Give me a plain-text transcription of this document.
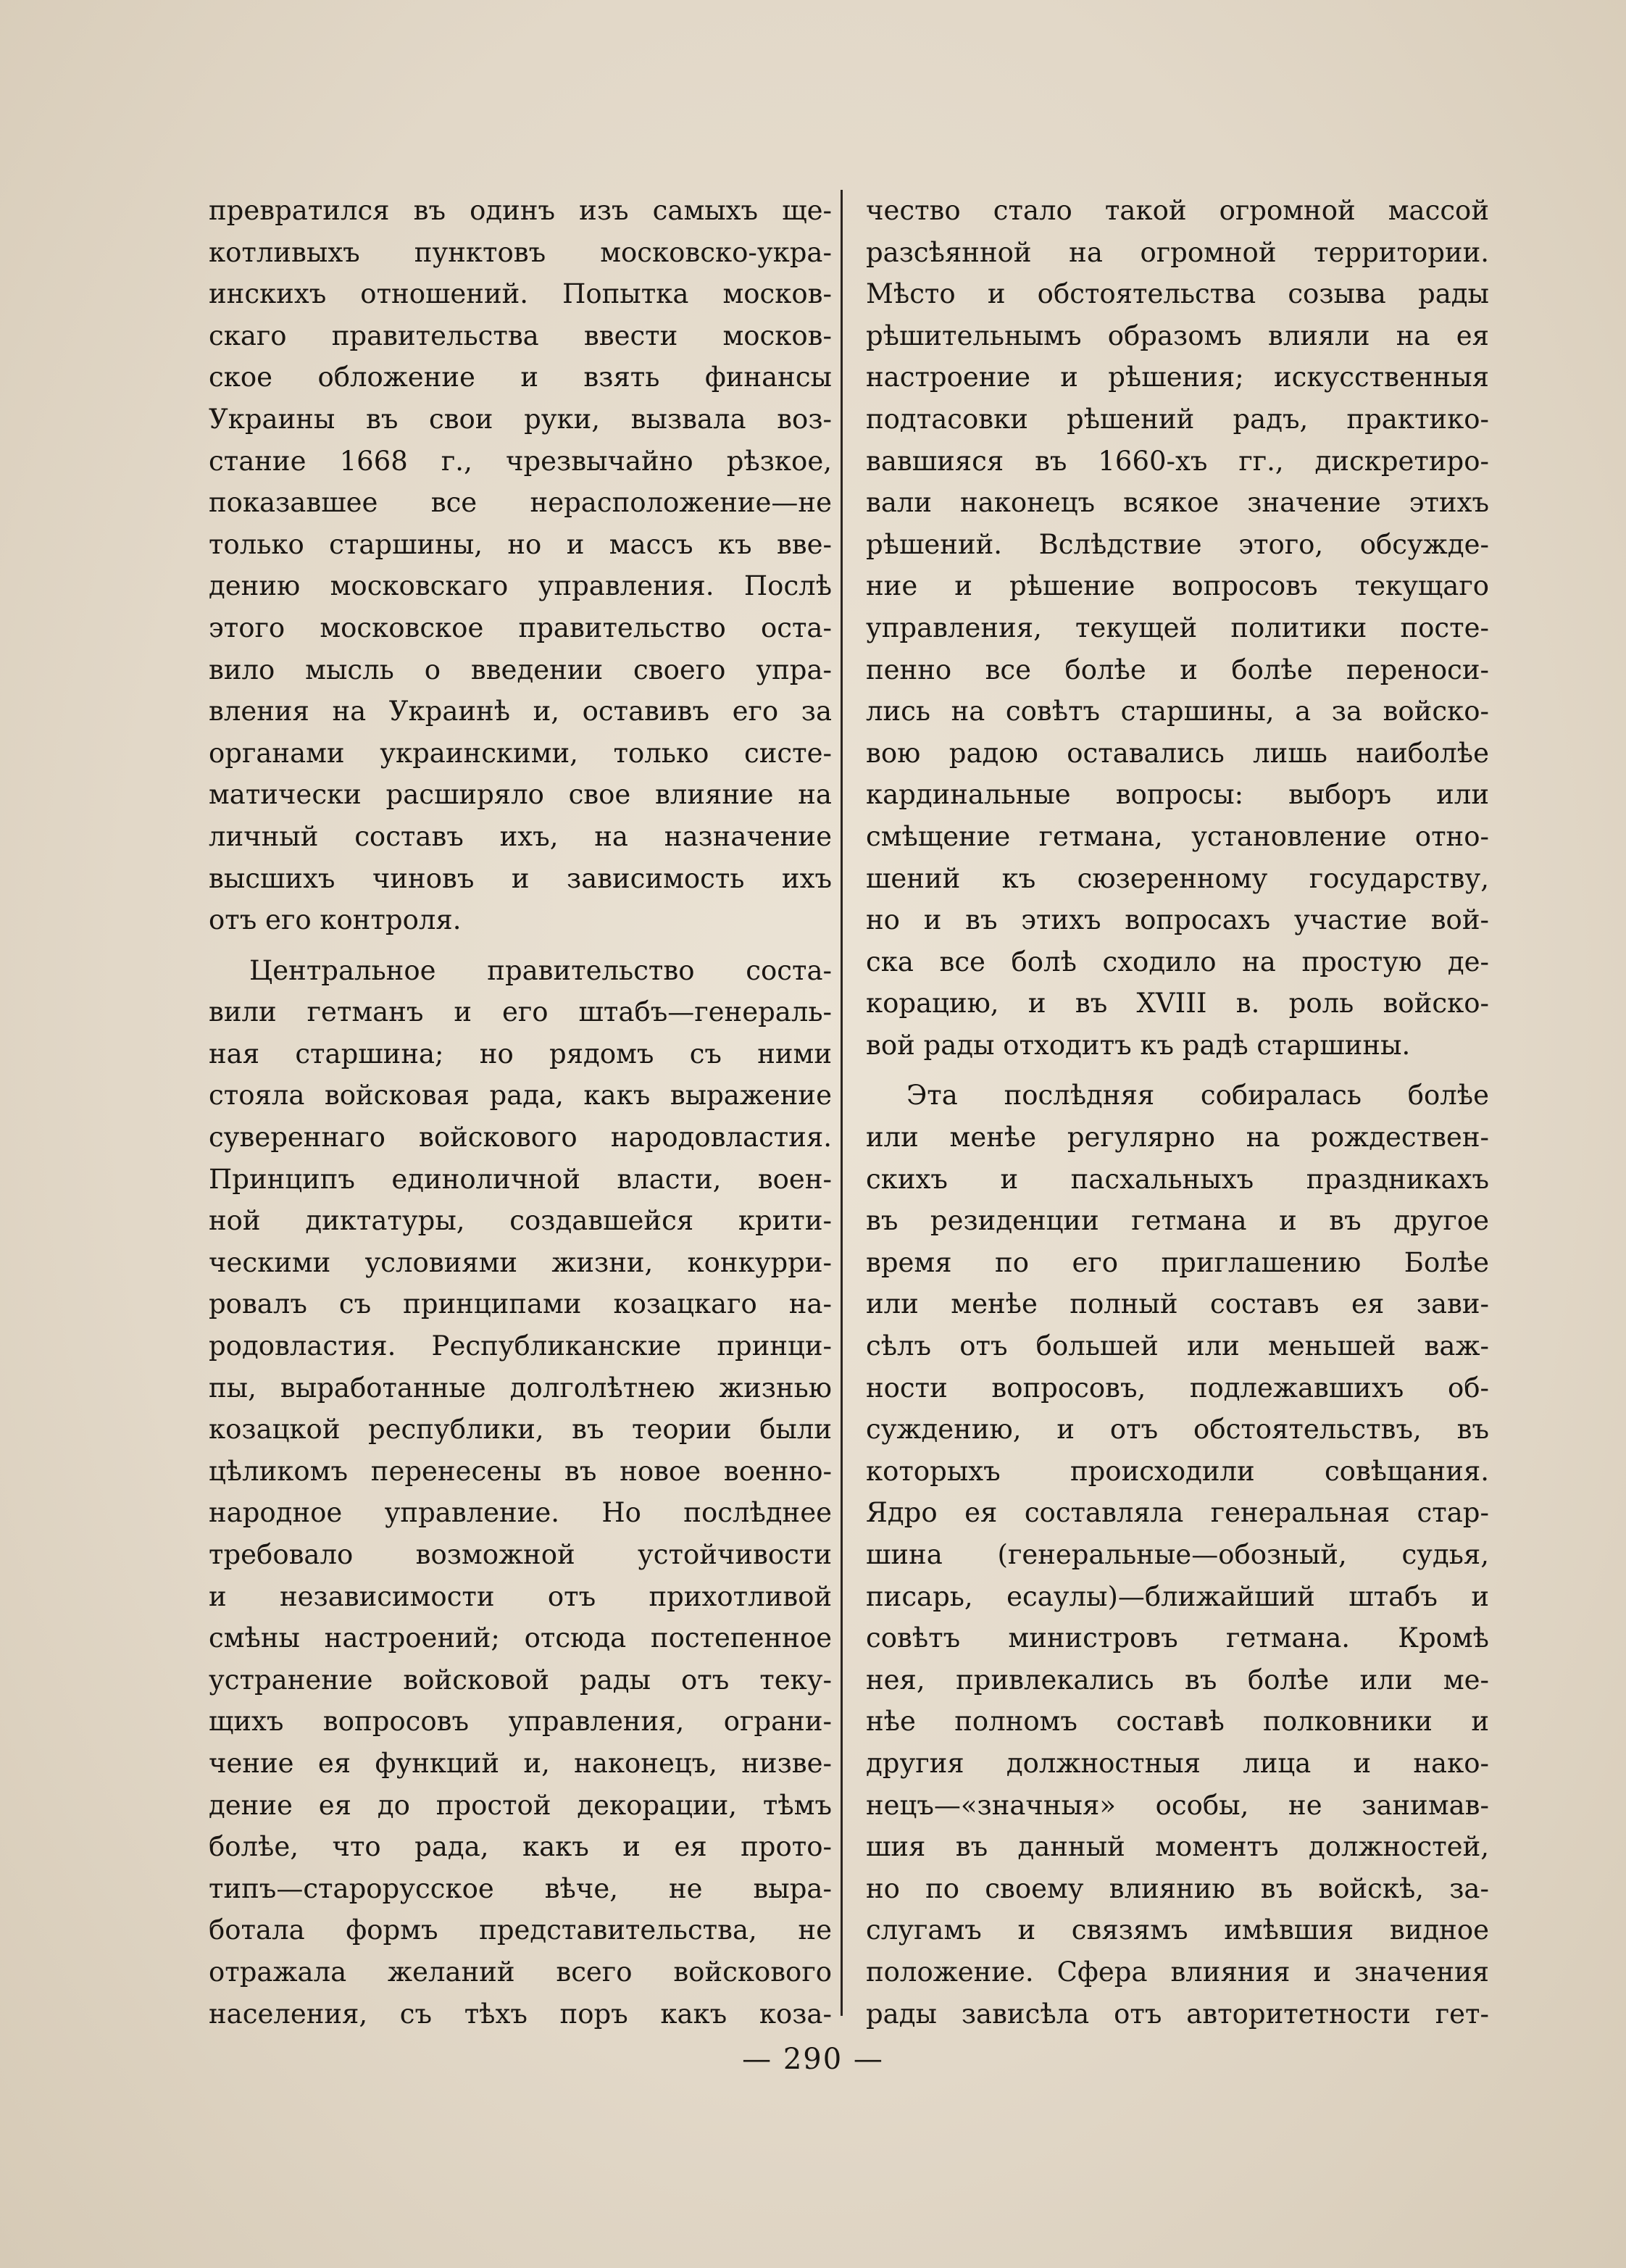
превратился въ одинъ изъ самыхъ ще-
котливыхъ пунктовъ московско-укра-
инскихъ отношений. Попытка москов-
скаго правительства ввести москов-
ское обложение и взять финансы
Украины въ свои руки, вызвала воз-
стание 1668 г., чрезвычайно рѣзкое,
показавшее все нерасположение—не
только старшины, но и массъ къ вве-
дению московскаго управления. Послѣ
этого московское правительство оста-
вило мысль о введении своего упра-
вления на Украинѣ и, оставивъ его за
органами украинскими, только систе-
матически расширяло свое влияние на
личный составъ ихъ, на назначение
высшихъ чиновъ и зависимость ихъ
отъ его контроля.
Центральное правительство соста-
вили гетманъ и его штабъ—генераль-
ная старшина; но рядомъ съ ними
стояла войсковая рада, какъ выражение
сувереннаго войскового народовластия.
Принципъ единоличной власти, воен-
ной диктатуры, создавшейся крити-
ческими условиями жизни, конкурри-
ровалъ съ принципами козацкаго на-
родовластия. Республиканские принци-
пы, выработанные долголѣтнею жизнью
козацкой республики, въ теории были
цѣликомъ перенесены въ новое военно-
народное управление. Но послѣднее
требовало возможной устойчивости
и независимости отъ прихотливой
смѣны настроений; отсюда постепенное
устранение войсковой рады отъ теку-
щихъ вопросовъ управления, ограни-
чение ея функций и, наконецъ, низве-
дение ея до простой декорации, тѣмъ
болѣе, что рада, какъ и ея прото-
типъ—старорусское вѣче, не выра-
ботала формъ представительства, не
отражала желаний всего войскового
населения, съ тѣхъ поръ какъ коза-
чество стало такой огромной массой
разсѣянной на огромной территории.
Мѣсто и обстоятельства созыва рады
рѣшительнымъ образомъ влияли на ея
настроение и рѣшения; искусственныя
подтасовки рѣшений радъ, практико-
вавшияся въ 1660-хъ гг., дискретиро-
вали наконецъ всякое значение этихъ
рѣшений. Вслѣдствие этого, обсужде-
ние и рѣшение вопросовъ текущаго
управления, текущей политики посте-
пенно все болѣе и болѣе переноси-
лись на совѣтъ старшины, а за войско-
вою радою оставались лишь наиболѣе
кардинальные вопросы: выборъ или
смѣщение гетмана, установление отно-
шений къ сюзеренному государству,
но и въ этихъ вопросахъ участие вой-
ска все болѣ сходило на простую де-
корацию, и въ XVIII в. роль войско-
вой рады отходитъ къ радѣ старшины.
Эта послѣдняя собиралась болѣе
или менѣе регулярно на рождествен-
скихъ и пасхальныхъ праздникахъ
въ резиденции гетмана и въ другое
время по его приглашению Болѣе
или менѣе полный составъ ея зави-
сѣлъ отъ большей или меньшей важ-
ности вопросовъ, подлежавшихъ об-
суждению, и отъ обстоятельствъ, въ
которыхъ происходили совѣщания.
Ядро ея составляла генеральная стар-
шина (генеральные—обозный, судья,
писарь, есаулы)—ближайший штабъ и
совѣтъ министровъ гетмана. Кромѣ
нея, привлекались въ болѣе или ме-
нѣе полномъ составѣ полковники и
другия должностныя лица и нако-
нецъ—«значныя» особы, не занимав-
шия въ данный моментъ должностей,
но по своему влиянию въ войскѣ, за-
слугамъ и связямъ имѣвшия видное
положение. Сфера влияния и значения
рады зависѣла отъ авторитетности гет-
— 290 —
